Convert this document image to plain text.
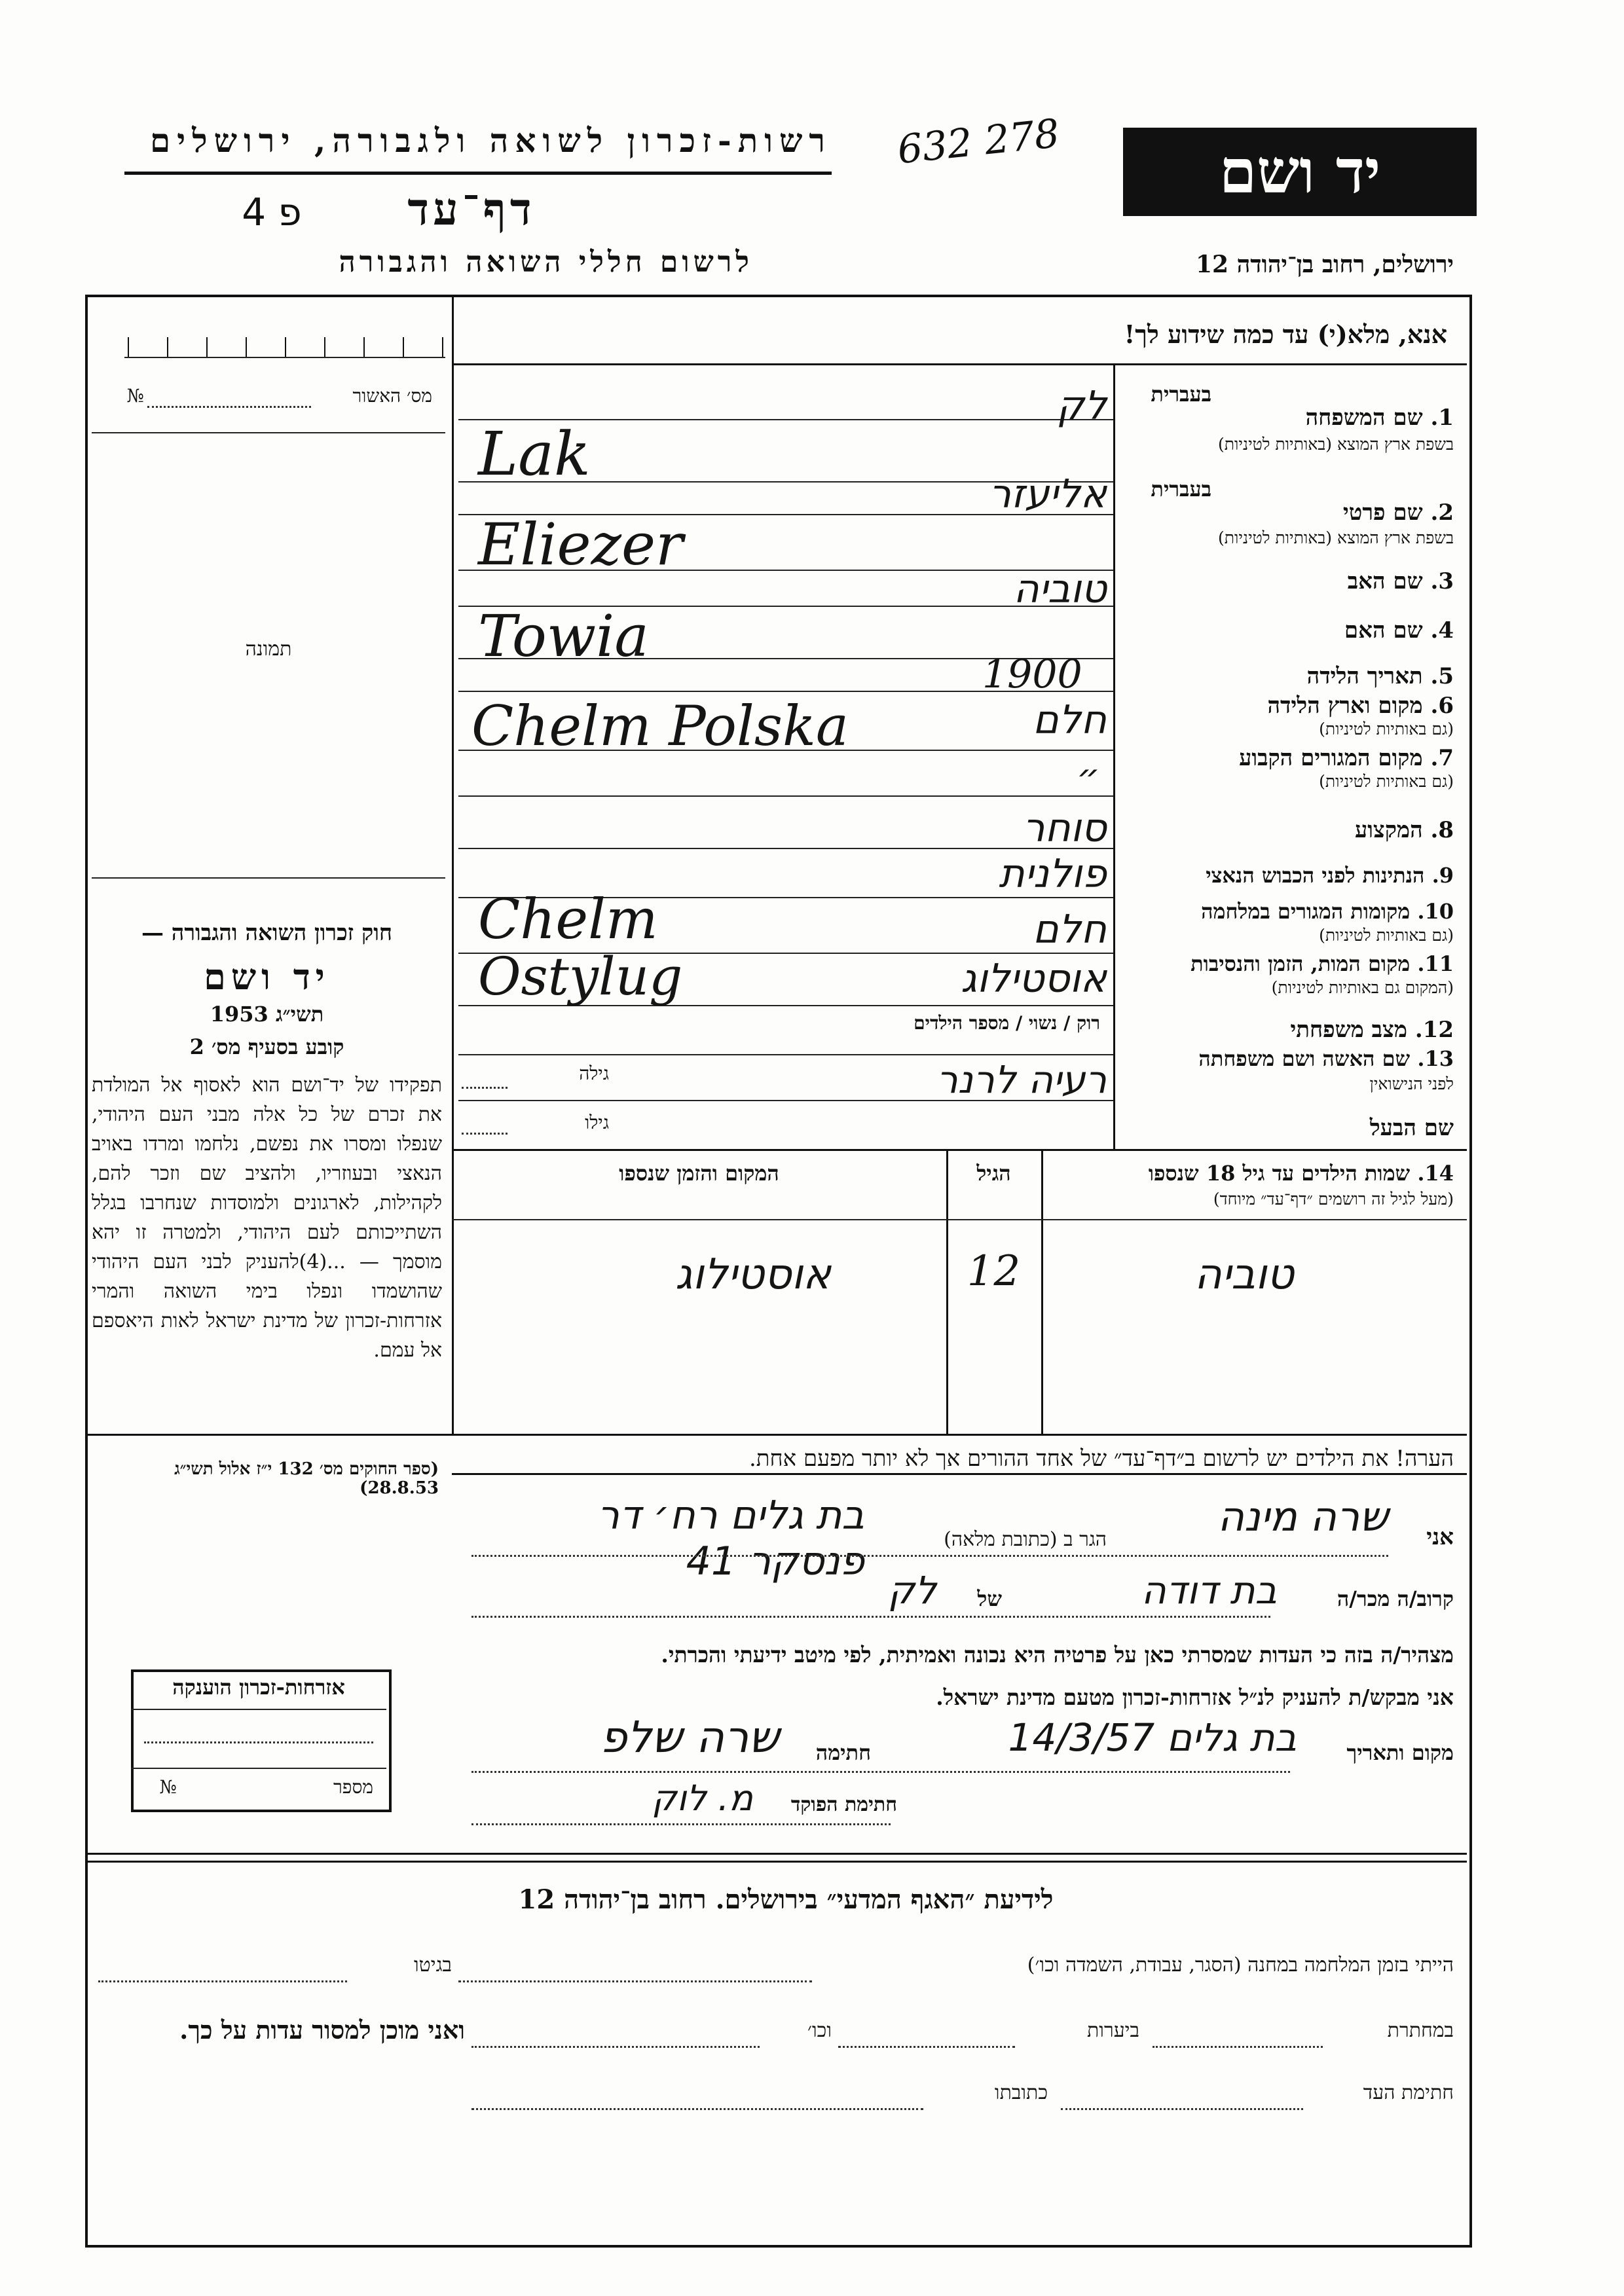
רשות-זכרון לשואה ולגבורה, ירושלים
דף־עד
פ 4
לרשום חללי השואה והגבורה
632 278	יד ושם
ירושלים, רחוב בן־יהודה 12
מס׳ האשור
№
תמונה
אנא, מלא(י) עד כמה שידוע לך!
בעברית
1. שם המשפחה
בשפת ארץ המוצא (באותיות לטיניות)
בעברית
2. שם פרטי
בשפת ארץ המוצא (באותיות לטיניות)
3. שם האב
4. שם האם
5. תאריך הלידה
6. מקום וארץ הלידה
(גם באותיות לטיניות)
7. מקום המגורים הקבוע
(גם באותיות לטיניות)
8. המקצוע
9. הנתינות לפני הכבוש הנאצי
10. מקומות המגורים במלחמה
(גם באותיות לטיניות)
11. מקום המות, הזמן והנסיבות
(המקום גם באותיות לטיניות)
12. מצב משפחתי
13. שם האשה ושם משפחתה
לפני הנישואין
שם הבעל
רוק / נשוי / מספר הילדים
גילה
גילו
לק
Lak
אליעזר
Eliezer
טוביה
Towia
1900
חלם
Chelm Polska
״
סוחר
פולנית
חלם
Chelm
אוסטילוג
Ostylug
רעיה לרנר
14. שמות הילדים עד גיל 18 שנספו
(מעל לגיל זה רושמים ״דף־עד״ מיוחד)
הגיל
המקום והזמן שנספו
טוביה
12
אוסטילוג
הערה! את הילדים יש לרשום ב״דף־עד״ של אחד ההורים אך לא יותר מפעם אחת.
אני
שרה מינה
הגר ב (כתובת מלאה)
בת גלים רח׳ דר פנסקר 41
קרוב/ה מכר/ה
בת דודה
של
לק
מצהיר/ה בזה כי העדות שמסרתי כאן על פרטיה היא נכונה ואמיתית, לפי מיטב ידיעתי והכרתי.
אני מבקש/ת להעניק לנ״ל אזרחות-זכרון מטעם מדינת ישראל.
מקום ותאריך
בת גלים 14/3/57
חתימה
שרה שלפ
חתימת הפוקד
מ. לוק
חוק זכרון השואה והגבורה —
יד ושם
תשי״ג 1953
קובע בסעיף מס׳ 2
תפקידו של יד־ושם הוא לאסוף אל המולדת את זכרם של כל אלה מבני העם היהודי, שנפלו ומסרו את נפשם, נלחמו ומרדו באויב הנאצי ובעוזריו, ולהציב שם וזכר להם, לקהילות, לארגונים ולמוסדות שנחרבו בגלל השתייכותם לעם היהודי, ולמטרה זו יהא מוסמך — ...(4)להעניק לבני העם היהודי שהושמדו ונפלו בימי השואה והמרי אזרחות-זכרון של מדינת ישראל לאות היאספם אל עמם.
(ספר החוקים מס׳ 132 י״ז אלול תשי״ג 28.8.53)
אזרחות-זכרון הוענקה
מספר
№
לידיעת ״האגף המדעי״ בירושלים. רחוב בן־יהודה 12
הייתי בזמן המלחמה במחנה (הסגר, עבודת, השמדה וכו׳)
בגיטו
במחתרת
ביערות
וכו׳
ואני מוכן למסור עדות על כך.
חתימת העד
כתובתו
